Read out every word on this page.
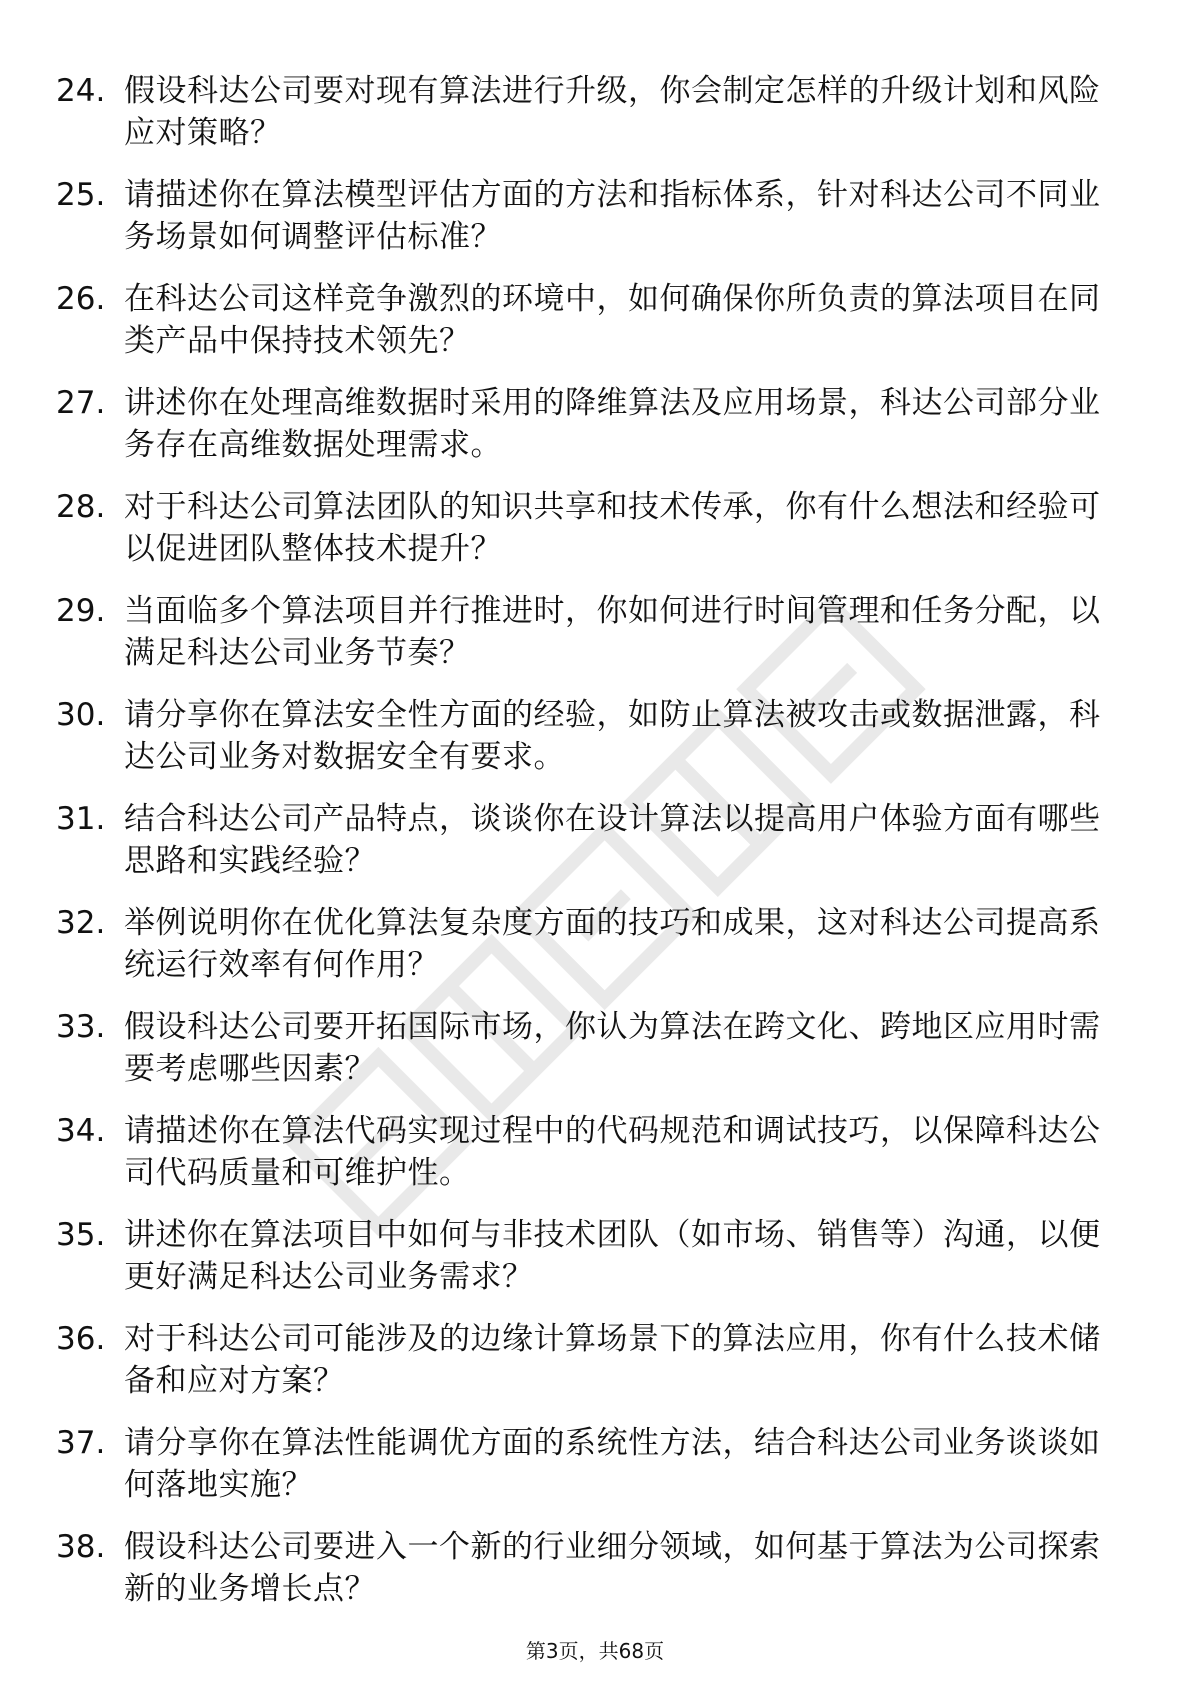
24. 假设科达公司要对现有算法进行升级，你会制定怎样的升级计划和风险应对策略？
25. 请描述你在算法模型评估方面的方法和指标体系，针对科达公司不同业务场景如何调整评估标准？
26. 在科达公司这样竞争激烈的环境中，如何确保你所负责的算法项目在同类产品中保持技术领先？
27. 讲述你在处理高维数据时采用的降维算法及应用场景，科达公司部分业务存在高维数据处理需求。
28. 对于科达公司算法团队的知识共享和技术传承，你有什么想法和经验可以促进团队整体技术提升？
29. 当面临多个算法项目并行推进时，你如何进行时间管理和任务分配，以满足科达公司业务节奏？
30. 请分享你在算法安全性方面的经验，如防止算法被攻击或数据泄露，科达公司业务对数据安全有要求。
31. 结合科达公司产品特点，谈谈你在设计算法以提高用户体验方面有哪些思路和实践经验？
32. 举例说明你在优化算法复杂度方面的技巧和成果，这对科达公司提高系统运行效率有何作用？
33. 假设科达公司要开拓国际市场，你认为算法在跨文化、跨地区应用时需要考虑哪些因素？
34. 请描述你在算法代码实现过程中的代码规范和调试技巧，以保障科达公司代码质量和可维护性。
35. 讲述你在算法项目中如何与非技术团队（如市场、销售等）沟通，以便更好满足科达公司业务需求？
36. 对于科达公司可能涉及的边缘计算场景下的算法应用，你有什么技术储备和应对方案？
37. 请分享你在算法性能调优方面的系统性方法，结合科达公司业务谈谈如何落地实施？
38. 假设科达公司要进入一个新的行业细分领域，如何基于算法为公司探索新的业务增长点？
第3页，共68页
